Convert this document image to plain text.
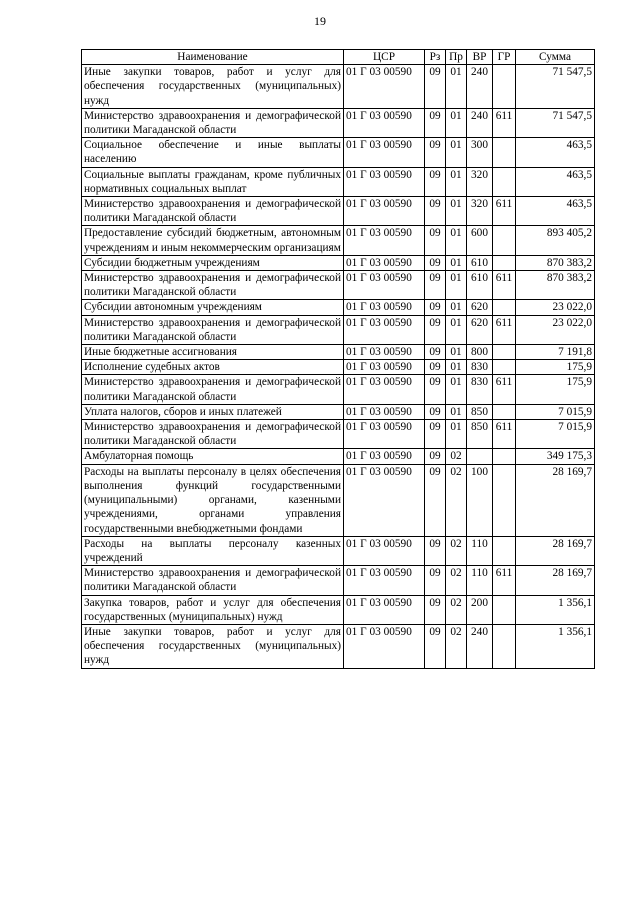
19
Наименование	ЦСР	Рз	Пр	ВР	ГР	Сумма
Иные закупки товаров, работ и услуг для обеспечения государственных (муниципальных) нужд	01 Г 03 00590	09	01	240		71 547,5
Министерство здравоохранения и демографической политики Магаданской области	01 Г 03 00590	09	01	240	611	71 547,5
Социальное обеспечение и иные выплаты населению	01 Г 03 00590	09	01	300		463,5
Социальные выплаты гражданам, кроме публичных нормативных социальных выплат	01 Г 03 00590	09	01	320		463,5
Министерство здравоохранения и демографической политики Магаданской области	01 Г 03 00590	09	01	320	611	463,5
Предоставление субсидий бюджетным, автономным учреждениям и иным некоммерческим организациям	01 Г 03 00590	09	01	600		893 405,2
Субсидии бюджетным учреждениям	01 Г 03 00590	09	01	610		870 383,2
Министерство здравоохранения и демографической политики Магаданской области	01 Г 03 00590	09	01	610	611	870 383,2
Субсидии автономным учреждениям	01 Г 03 00590	09	01	620		23 022,0
Министерство здравоохранения и демографической политики Магаданской области	01 Г 03 00590	09	01	620	611	23 022,0
Иные бюджетные ассигнования	01 Г 03 00590	09	01	800		7 191,8
Исполнение судебных актов	01 Г 03 00590	09	01	830		175,9
Министерство здравоохранения и демографической политики Магаданской области	01 Г 03 00590	09	01	830	611	175,9
Уплата налогов, сборов и иных платежей	01 Г 03 00590	09	01	850		7 015,9
Министерство здравоохранения и демографической политики Магаданской области	01 Г 03 00590	09	01	850	611	7 015,9
Амбулаторная помощь	01 Г 03 00590	09	02			349 175,3
Расходы на выплаты персоналу в целях обеспечения выполнения функций государственными (муниципальными) органами, казенными учреждениями, органами управления государственными внебюджетными фондами	01 Г 03 00590	09	02	100		28 169,7
Расходы на выплаты персоналу казенных учреждений	01 Г 03 00590	09	02	110		28 169,7
Министерство здравоохранения и демографической политики Магаданской области	01 Г 03 00590	09	02	110	611	28 169,7
Закупка товаров, работ и услуг для обеспечения государственных (муниципальных) нужд	01 Г 03 00590	09	02	200		1 356,1
Иные закупки товаров, работ и услуг для обеспечения государственных (муниципальных) нужд	01 Г 03 00590	09	02	240		1 356,1
